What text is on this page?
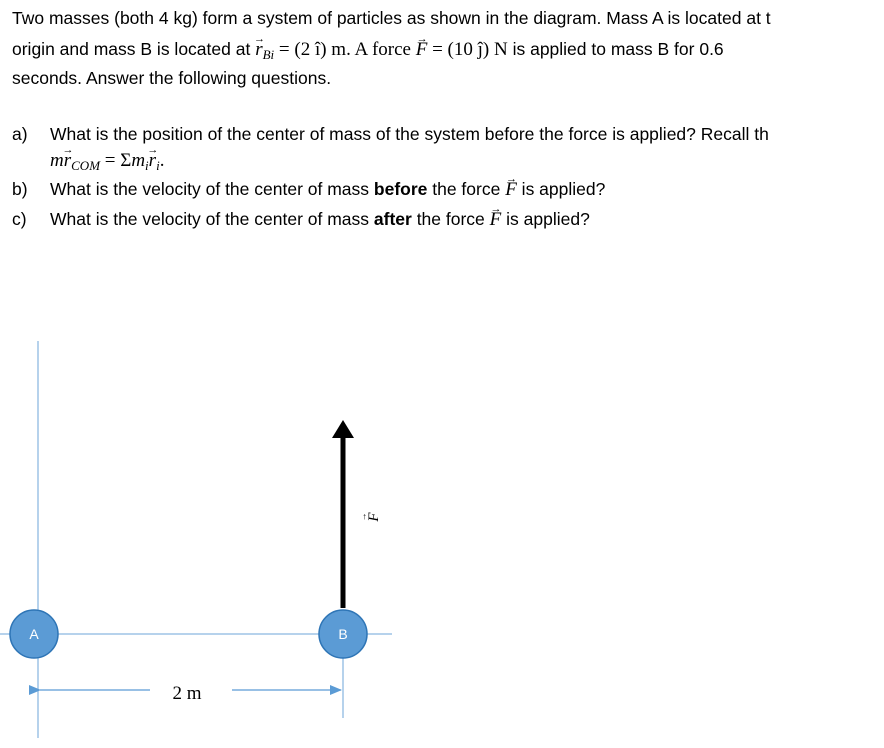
Two masses (both 4 kg) form a system of particles as shown in the diagram. Mass A is located at t
origin and mass B is located at → $r_{Bi} = (2$ î) m. A force → F = (10 ĵ) N is applied to mass B for 0.6
seconds. Answer the following questions.
a) What is the position of the center of mass of the system before the force is applied? Recall th
$m\to r_{COM} = \Sigma m_i\to r_i$.
b) What is the velocity of the center of mass before the force → F is applied?
c) What is the velocity of the center of mass after the force → F is applied?
A	B
2 m
F
→
